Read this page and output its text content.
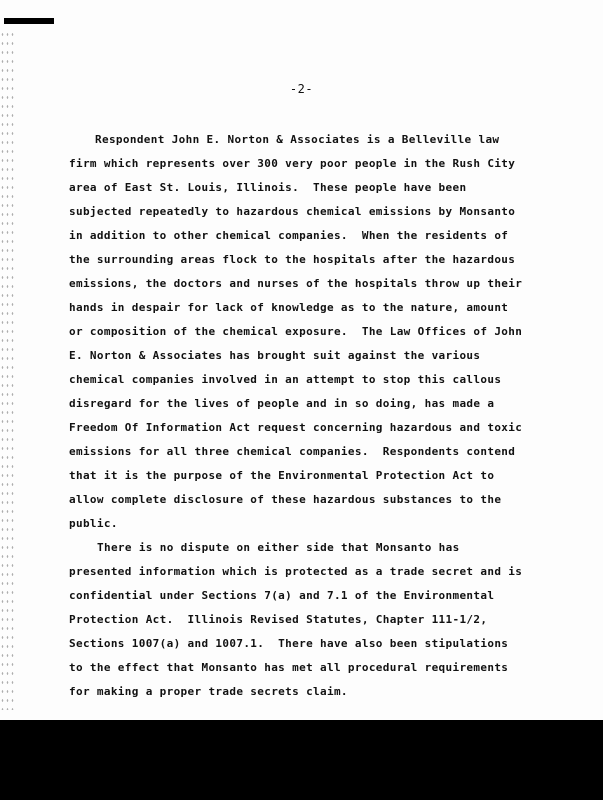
-2-
Respondent John E. Norton & Associates is a Belleville law
firm which represents over 300 very poor people in the Rush City
area of East St. Louis, Illinois.  These people have been
subjected repeatedly to hazardous chemical emissions by Monsanto
in addition to other chemical companies.  When the residents of
the surrounding areas flock to the hospitals after the hazardous
emissions, the doctors and nurses of the hospitals throw up their
hands in despair for lack of knowledge as to the nature, amount
or composition of the chemical exposure.  The Law Offices of John
E. Norton & Associates has brought suit against the various
chemical companies involved in an attempt to stop this callous
disregard for the lives of people and in so doing, has made a
Freedom Of Information Act request concerning hazardous and toxic
emissions for all three chemical companies.  Respondents contend
that it is the purpose of the Environmental Protection Act to
allow complete disclosure of these hazardous substances to the
public.
There is no dispute on either side that Monsanto has
presented information which is protected as a trade secret and is
confidential under Sections 7(a) and 7.1 of the Environmental
Protection Act.  Illinois Revised Statutes, Chapter 111-1/2,
Sections 1007(a) and 1007.1.  There have also been stipulations
to the effect that Monsanto has met all procedural requirements
for making a proper trade secrets claim.
